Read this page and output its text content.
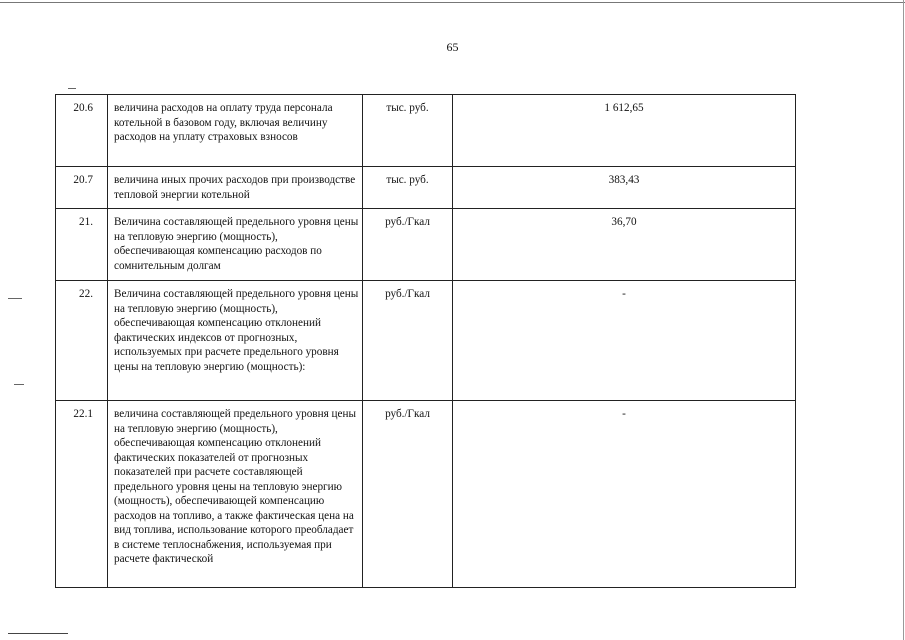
65
20.6	величина расходов на оплату труда персонала котельной в базовом году, включая величину расходов на уплату страховых взносов	тыс. руб.	1 612,65
20.7	величина иных прочих расходов при производстве тепловой энергии котельной	тыс. руб.	383,43
21.	Величина составляющей предельного уровня цены на тепловую энергию (мощность), обеспечивающая компенсацию расходов по сомнительным долгам	руб./Гкал	36,70
22.	Величина составляющей предельного уровня цены на тепловую энергию (мощность), обеспечивающая компенсацию отклонений фактических индексов от прогнозных, используемых при расчете предельного уровня цены на тепловую энергию (мощность):	руб./Гкал	-
22.1	величина составляющей предельного уровня цены на тепловую энергию (мощность), обеспечивающая компенсацию отклонений фактических показателей от прогнозных показателей при расчете составляющей предельного уровня цены на тепловую энергию (мощность), обеспечивающей компенсацию расходов на топливо, а также фактическая цена на вид топлива, использование которого преобладает в системе теплоснабжения, используемая при расчете фактической	руб./Гкал	-
